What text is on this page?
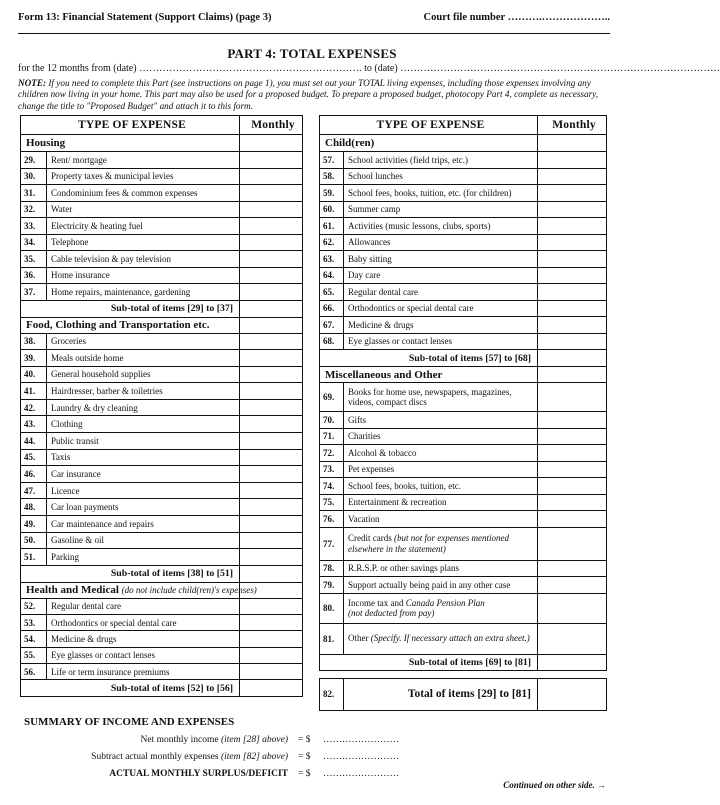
Form 13: Financial Statement (Support Claims) (page 3)	Court file number ……….………………..
PART 4: TOTAL EXPENSES
for the 12 months from (date) …………………………………………………………. to (date) ……………………………………………………………………………………
NOTE: If you need to complete this Part (see instructions on page 1), you must set out your TOTAL living expenses, including those expenses involving any children now living in your home. This part may also be used for a proposed budget. To prepare a proposed budget, photocopy Part 4, complete as necessary, change the title to "Proposed Budget" and attach it to this form.
TYPE OF EXPENSE		Monthly
Housing		
29.	Rent/ mortgage	
30.	Property taxes & municipal levies	
31.	Condominium fees & common expenses	
32.	Water	
33.	Electricity & heating fuel	
34.	Telephone	
35.	Cable television & pay television	
36.	Home insurance	
37.	Home repairs, maintenance, gardening	
Sub-total of items [29] to [37]		
Food, Clothing and Transportation etc.		
38.	Groceries	
39.	Meals outside home	
40.	General household supplies	
41.	Hairdresser, barber & toiletries	
42.	Laundry & dry cleaning	
43.	Clothing	
44.	Public transit	
45.	Taxis	
46.	Car insurance	
47.	Licence	
48.	Car loan payments	
49.	Car maintenance and repairs	
50.	Gasoline & oil	
51.	Parking	
Sub-total of items [38] to [51]		
Health and Medical (do not include child(ren)'s expenses)		
52.	Regular dental care	
53.	Orthodontics or special dental care	
54.	Medicine & drugs	
55.	Eye glasses or contact lenses	
56.	Life or term insurance premiums	
Sub-total of items [52] to [56]		
TYPE OF EXPENSE		Monthly
Child(ren)		
57.	School activities (field trips, etc.)	
58.	School lunches	
59.	School fees, books, tuition, etc. (for children)	
60.	Summer camp	
61.	Activities (music lessons, clubs, sports)	
62.	Allowances	
63.	Baby sitting	
64.	Day care	
65.	Regular dental care	
66.	Orthodontics or special dental care	
67.	Medicine & drugs	
68.	Eye glasses or contact lenses	
Sub-total of items [57] to [68]		
Miscellaneous and Other		
69.	Books for home use, newspapers, magazines, videos, compact discs	
70.	Gifts	
71.	Charities	
72.	Alcohol & tobacco	
73.	Pet expenses	
74.	School fees, books, tuition, etc.	
75.	Entertainment & recreation	
76.	Vacation	
77.	Credit cards (but not for expenses mentioned elsewhere in the statement)	
78.	R.R.S.P. or other savings plans	
79.	Support actually being paid in any other case	
80.	Income tax and Canada Pension Plan
(not deducted from pay)	
81.	Other (Specify. If necessary attach an extra sheet.)	
Sub-total of items [69] to [81]		

82.	Total of items [29] to [81]	
SUMMARY OF INCOME AND EXPENSES
Net monthly income (item [28] above) = $ ……………………
Subtract actual monthly expenses (item [82] above) = $ ……………………
ACTUAL MONTHLY SURPLUS/DEFICIT = $ ……………………
Continued on other side. →
